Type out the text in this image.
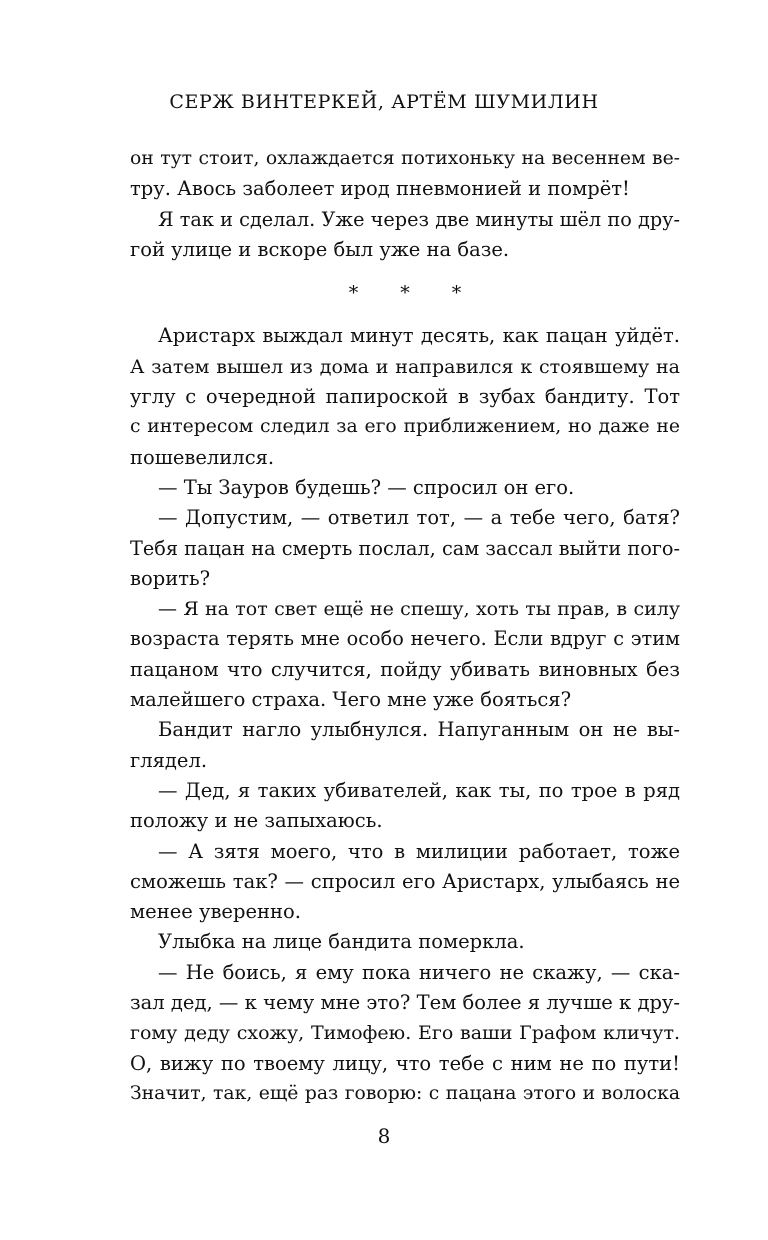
СЕРЖ ВИНТЕРКЕЙ, АРТЁМ ШУМИЛИН
он тут стоит, охлаждается потихоньку на весеннем ве-
тру. Авось заболеет ирод пневмонией и помрёт!
Я так и сделал. Уже через две минуты шёл по дру-
гой улице и вскоре был уже на базе.
* * *
Аристарх выждал минут десять, как пацан уйдёт.
А затем вышел из дома и направился к стоявшему на
углу с очередной папироской в зубах бандиту. Тот
с интересом следил за его приближением, но даже не
пошевелился.
— Ты Зауров будешь? — спросил он его.
— Допустим, — ответил тот, — а тебе чего, батя?
Тебя пацан на смерть послал, сам зассал выйти пого-
ворить?
— Я на тот свет ещё не спешу, хоть ты прав, в силу
возраста терять мне особо нечего. Если вдруг с этим
пацаном что случится, пойду убивать виновных без
малейшего страха. Чего мне уже бояться?
Бандит нагло улыбнулся. Напуганным он не вы-
глядел.
— Дед, я таких убивателей, как ты, по трое в ряд
положу и не запыхаюсь.
— А зятя моего, что в милиции работает, тоже
сможешь так? — спросил его Аристарх, улыбаясь не
менее уверенно.
Улыбка на лице бандита померкла.
— Не боись, я ему пока ничего не скажу, — ска-
зал дед, — к чему мне это? Тем более я лучше к дру-
гому деду схожу, Тимофею. Его ваши Графом кличут.
О, вижу по твоему лицу, что тебе с ним не по пути!
Значит, так, ещё раз говорю: с пацана этого и волоска
8
